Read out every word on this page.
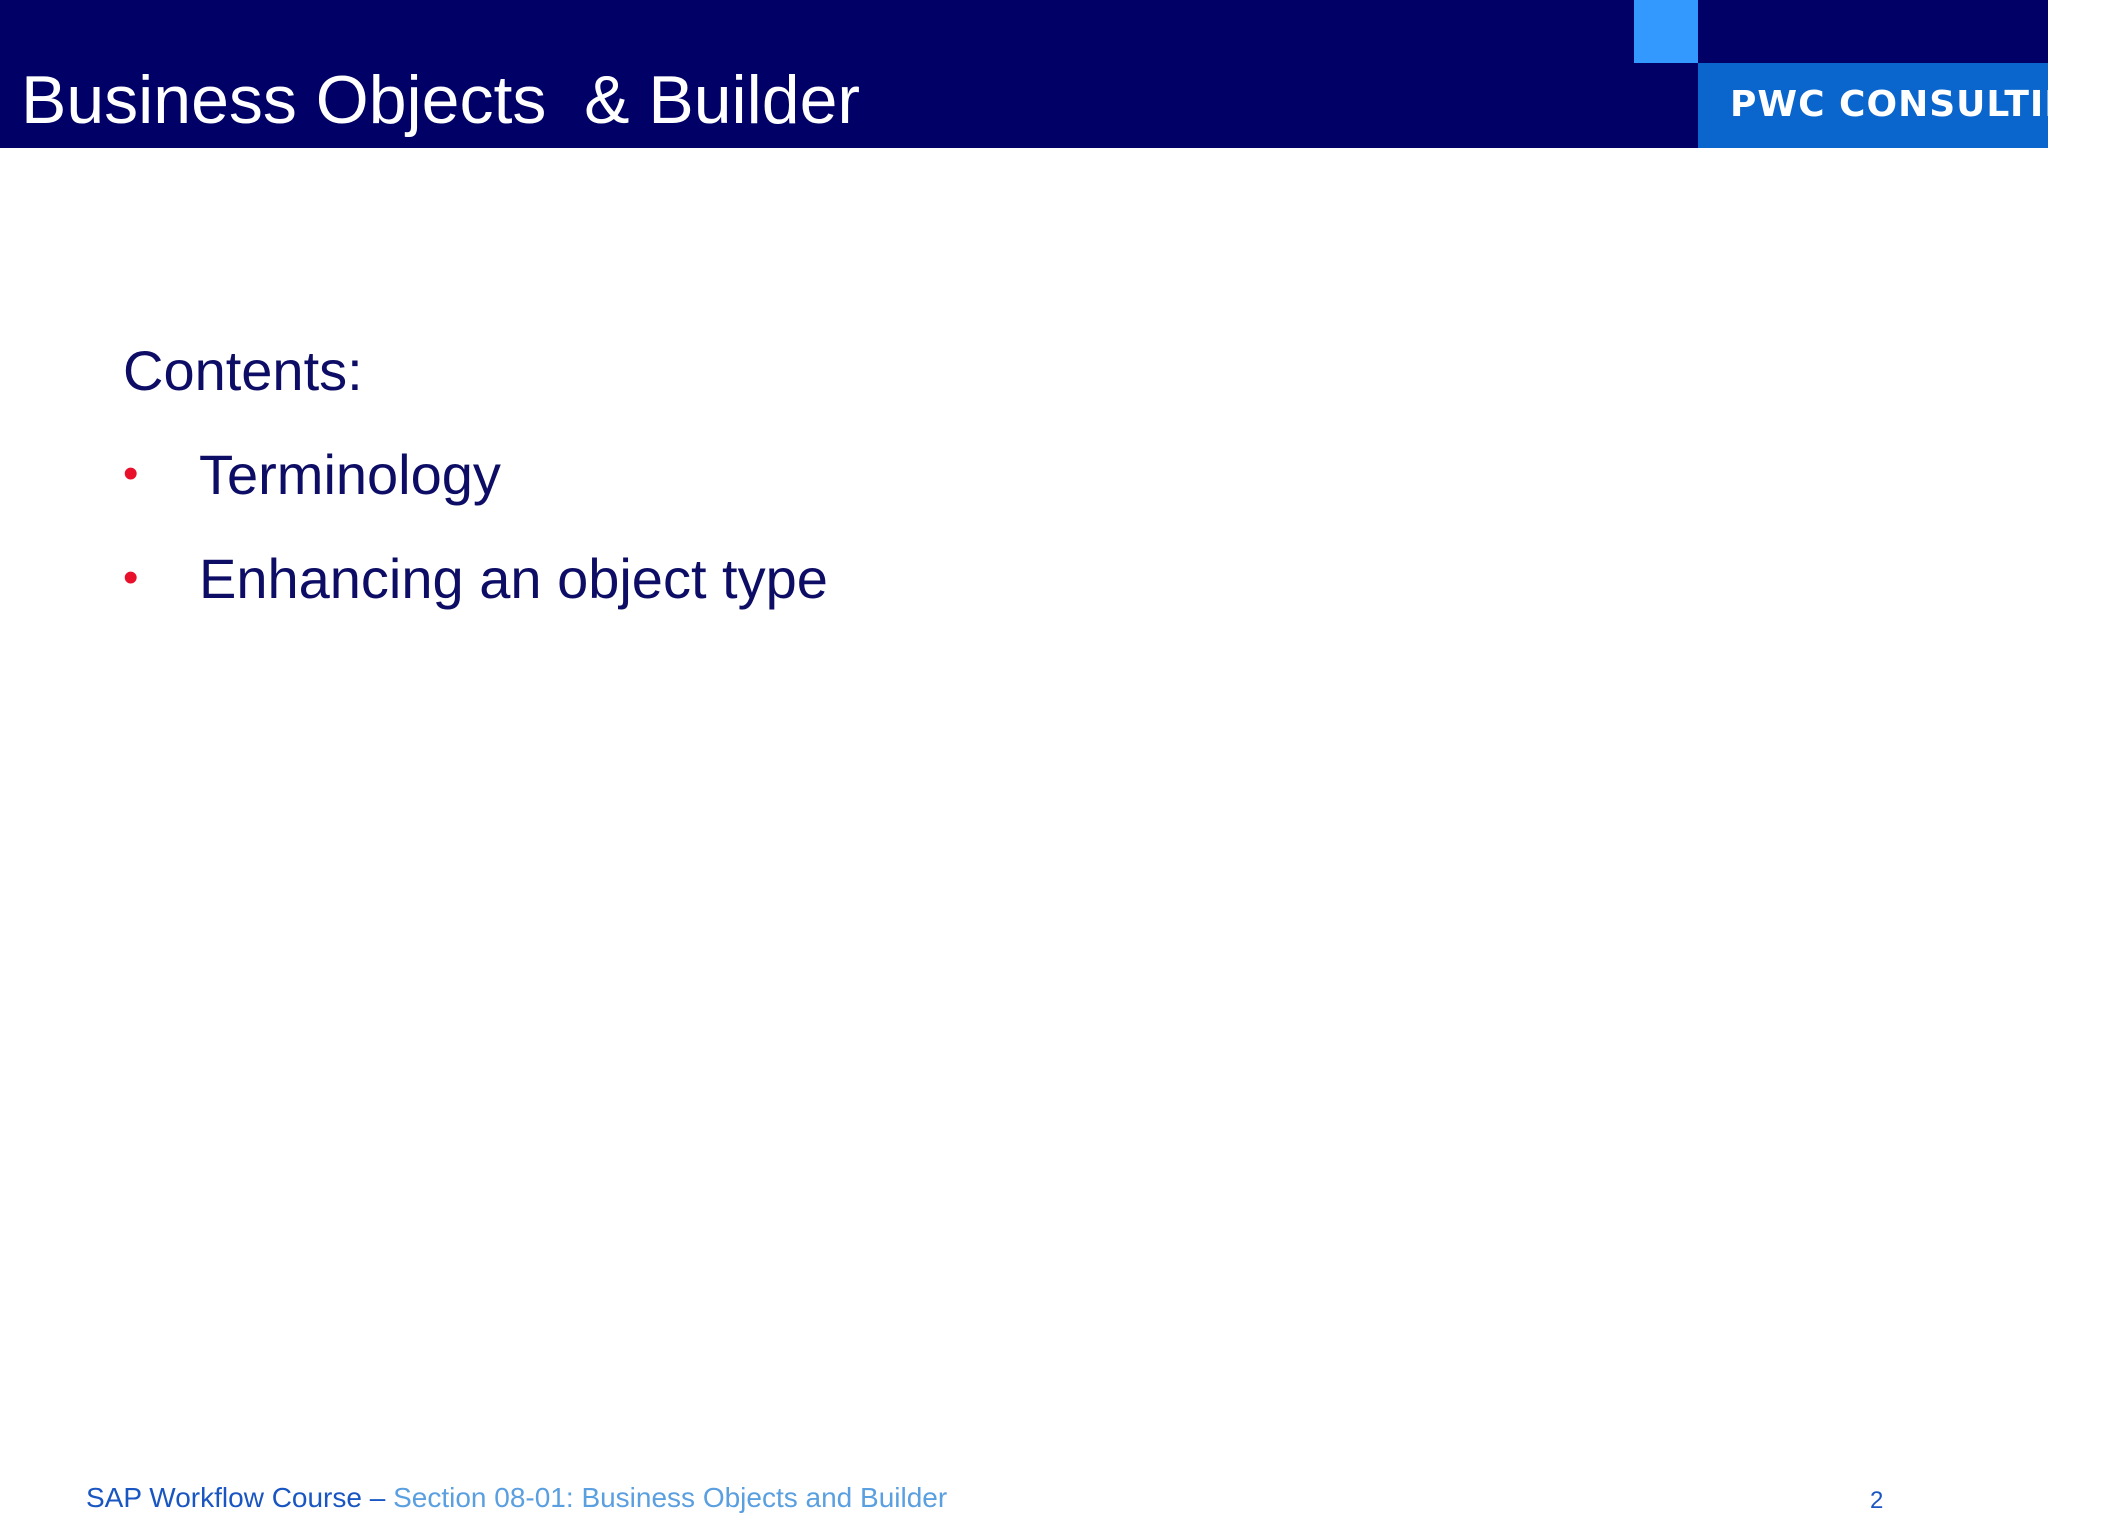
Business Objects  & Builder	PWC CONSULTING
Contents:
• Terminology
• Enhancing an object type
SAP Workflow Course – Section 08-01: Business Objects and Builder	2
